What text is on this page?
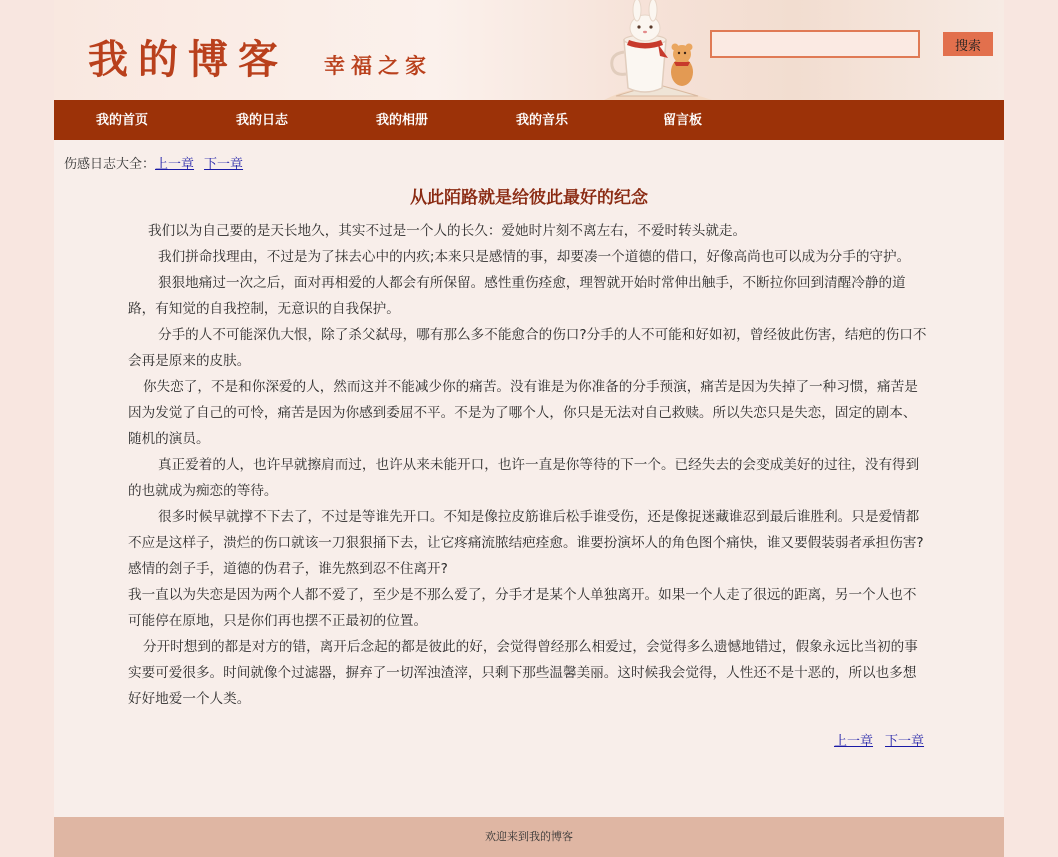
我的博客 幸福之家
搜索
我的首页	我的日志	我的相册	我的音乐	留言板
伤感日志大全：上一章 下一章
从此陌路就是给彼此最好的纪念

我们以为自己要的是天长地久，其实不过是一个人的长久：爱她时片刻不离左右，不爱时转头就走。

我们拼命找理由，不过是为了抹去心中的内疚;本来只是感情的事，却要凑一个道德的借口，好像高尚也可以成为分手的守护。

狠狠地痛过一次之后，面对再相爱的人都会有所保留。感性重伤痊愈，理智就开始时常伸出触手，不断拉你回到清醒冷静的道路，有知觉的自我控制，无意识的自我保护。

分手的人不可能深仇大恨，除了杀父弑母，哪有那么多不能愈合的伤口?分手的人不可能和好如初，曾经彼此伤害，结疤的伤口不会再是原来的皮肤。

你失恋了，不是和你深爱的人，然而这并不能减少你的痛苦。没有谁是为你准备的分手预演，痛苦是因为失掉了一种习惯，痛苦是因为发觉了自己的可怜，痛苦是因为你感到委屈不平。不是为了哪个人，你只是无法对自己救赎。所以失恋只是失恋，固定的剧本、随机的演员。

真正爱着的人，也许早就擦肩而过，也许从来未能开口，也许一直是你等待的下一个。已经失去的会变成美好的过往，没有得到的也就成为痴恋的等待。

很多时候早就撑不下去了，不过是等谁先开口。不知是像拉皮筋谁后松手谁受伤，还是像捉迷藏谁忍到最后谁胜利。只是爱情都不应是这样子，溃烂的伤口就该一刀狠狠捅下去，让它疼痛流脓结疤痊愈。谁要扮演坏人的角色图个痛快，谁又要假装弱者承担伤害?感情的刽子手，道德的伪君子，谁先熬到忍不住离开?

我一直以为失恋是因为两个人都不爱了，至少是不那么爱了，分手才是某个人单独离开。如果一个人走了很远的距离，另一个人也不可能停在原地，只是你们再也摆不正最初的位置。

分开时想到的都是对方的错，离开后念起的都是彼此的好，会觉得曾经那么相爱过，会觉得多么遗憾地错过，假象永远比当初的事实要可爱很多。时间就像个过滤器，摒弃了一切浑浊渣滓，只剩下那些温馨美丽。这时候我会觉得，人性还不是十恶的，所以也多想好好地爱一个人类。

上一章 下一章
欢迎来到我的博客
